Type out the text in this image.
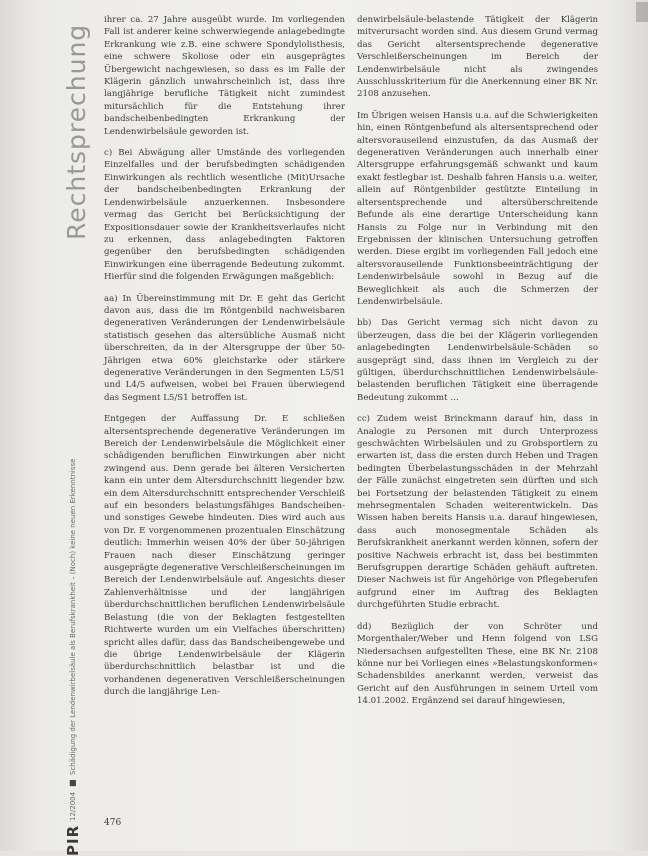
Rechtsprechung
PIR
12/2004
■
Schädigung der Lendenwirbelsäule als Berufskrankheit – (Noch) keine neuen Erkenntnisse

ihrer ca. 27 Jahre ausgeübt wurde. Im vorliegenden Fall ist anderer keine schwerwiegende anlagebedingte Erkrankung wie z.B. eine schwere Spondylolisthesis, eine schwere Skoliose oder ein ausgeprägtes Übergewicht nachgewiesen, so dass es im Falle der Klägerin gänzlich unwahrscheinlich ist, dass ihre langjährige berufliche Tätigkeit nicht zumindest mitursächlich für die Entstehung ihrer bandscheibenbedingten Erkrankung der Lendenwirbelsäule geworden ist.

c) Bei Abwägung aller Umstände des vorliegenden Einzelfalles und der berufsbedingten schädigenden Einwirkungen als rechtlich wesentliche (Mit)Ursache der bandscheibenbedingten Erkrankung der Lendenwirbelsäule anzuerkennen. Insbesondere vermag das Gericht bei Berücksichtigung der Expositionsdauer sowie der Krankheitsverlaufes nicht zu erkennen, dass anlagebedingten Faktoren gegenüber den berufsbedingten schädigenden Einwirkungen eine überragende Bedeutung zukommt. Hierfür sind die folgenden Erwägungen maßgeblich:

aa) In Übereinstimmung mit Dr. E geht das Gericht davon aus, dass die im Röntgenbild nachweisbaren degenerativen Veränderungen der Lendenwirbelsäule statistisch gesehen das altersübliche Ausmaß nicht überschreiten, da in der Altersgruppe der über 50-Jährigen etwa 60% gleichstarke oder stärkere degenerative Veränderungen in den Segmenten L5/S1 und L4/5 aufweisen, wobei bei Frauen überwiegend das Segment L5/S1 betroffen ist.

Entgegen der Auffassung Dr. E schließen altersentsprechende degenerative Veränderungen im Bereich der Lendenwirbelsäule die Möglichkeit einer schädigenden beruflichen Einwirkungen aber nicht zwingend aus. Denn gerade bei älteren Versicherten kann ein unter dem Altersdurchschnitt liegender bzw. ein dem Altersdurchschnitt entsprechender Verschleiß auf ein besonders belastungsfähiges Bandscheiben- und sonstiges Gewebe hindeuten. Dies wird auch aus von Dr. E vorgenommenen prozentualen Einschätzung deutlich: Immerhin weisen 40% der über 50-jährigen Frauen nach dieser Einschätzung geringer ausgeprägte degenerative Verschleißerscheinungen im Bereich der Lendenwirbelsäule auf. Angesichts dieser Zahlenverhältnisse und der langjährigen überdurchschnittlichen beruflichen Lendenwirbelsäule Belastung (die von der Beklagten festgestellten Richtwerte wurden um ein Vielfaches überschritten) spricht alles dafür, dass das Bandscheibengewebe und die übrige Lendenwirbelsäule der Klägerin überdurchschnittlich belastbar ist und die vorhandenen degenerativen Verschleißerscheinungen durch die langjährige Len-

denwirbelsäule-belastende Tätigkeit der Klägerin mitverursacht worden sind. Aus diesem Grund vermag das Gericht altersentsprechende degenerative Verschleißerscheinungen im Bereich der Lendenwirbelsäule nicht als zwingendes Ausschlusskriterium für die Anerkennung einer BK Nr. 2108 anzusehen.

Im Übrigen weisen Hansis u.a. auf die Schwierigkeiten hin, einen Röntgenbefund als altersentsprechend oder altersvorauseilend einzustufen, da das Ausmaß der degenerativen Veränderungen auch innerhalb einer Altersgruppe erfahrungsgemäß schwankt und kaum exakt festlegbar ist. Deshalb fahren Hansis u.a. weiter, allein auf Röntgenbilder gestützte Einteilung in altersentsprechende und altersüberschreitende Befunde als eine derartige Unterscheidung kann Hansis zu Folge nur in Verbindung mit den Ergebnissen der klinischen Untersuchung getroffen werden. Diese ergibt im vorliegenden Fall jedoch eine altersvorauseilende Funktionsbeeinträchtigung der Lendenwirbelsäule sowohl in Bezug auf die Beweglichkeit als auch die Schmerzen der Lendenwirbelsäule.

bb) Das Gericht vermag sich nicht davon zu überzeugen, dass die bei der Klägerin vorliegenden anlagebedingten Lendenwirbelsäule-Schäden so ausgeprägt sind, dass ihnen im Vergleich zu der gültigen, überdurchschnittlichen Lendenwirbelsäule-belastenden beruflichen Tätigkeit eine überragende Bedeutung zukommt …

cc) Zudem weist Brinckmann darauf hin, dass in Analogie zu Personen mit durch Unterprozess geschwächten Wirbelsäulen und zu Grobsportlern zu erwarten ist, dass die ersten durch Heben und Tragen bedingten Überbelastungsschäden in der Mehrzahl der Fälle zunächst eingetreten sein dürften und sich bei Fortsetzung der belastenden Tätigkeit zu einem mehrsegmentalen Schaden weiterentwickeln. Das Wissen haben bereits Hansis u.a. darauf hingewiesen, dass auch monosegmentale Schäden als Berufskrankheit anerkannt werden können, sofern der positive Nachweis erbracht ist, dass bei bestimmten Berufsgruppen derartige Schäden gehäuft auftreten. Dieser Nachweis ist für Angehörige von Pflegeberufen aufgrund einer im Auftrag des Beklagten durchgeführten Studie erbracht.

dd) Bezüglich der von Schröter und Morgenthaler/Weber und Henn folgend von LSG Niedersachsen aufgestellten These, eine BK Nr. 2108 könne nur bei Vorliegen eines »Belastungskonformen« Schadensbildes anerkannt werden, verweist das Gericht auf den Ausführungen in seinem Urteil vom 14.01.2002. Ergänzend sei darauf hingewiesen,

476
